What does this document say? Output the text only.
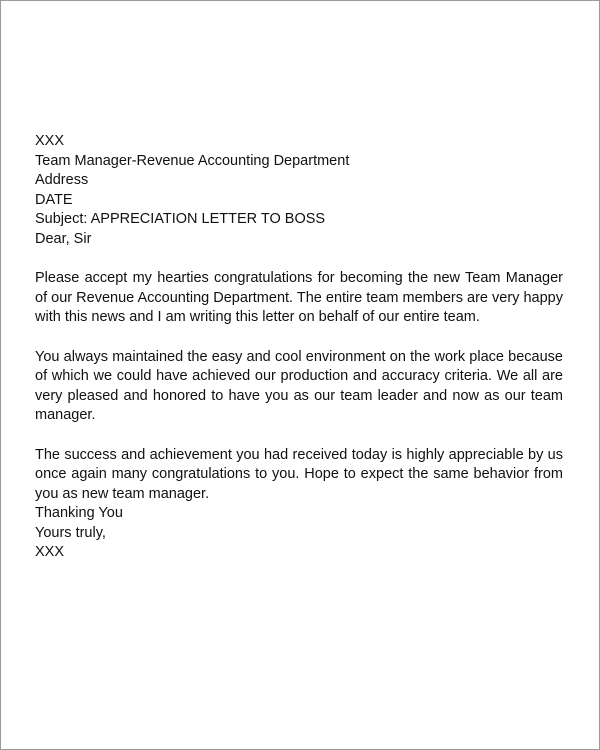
XXX
Team Manager-Revenue Accounting Department
Address
DATE
Subject: APPRECIATION LETTER TO BOSS
Dear, Sir

Please accept my hearties congratulations for becoming the new Team Manager of our Revenue Accounting Department. The entire team members are very happy with this news and I am writing this letter on behalf of our entire team.

You always maintained the easy and cool environment on the work place because of which we could have achieved our production and accuracy criteria. We all are very pleased and honored to have you as our team leader and now as our team manager.

The success and achievement you had received today is highly appreciable by us once again many congratulations to you. Hope to expect the same behavior from you as new team manager.

Thanking You

Yours truly,

XXX
